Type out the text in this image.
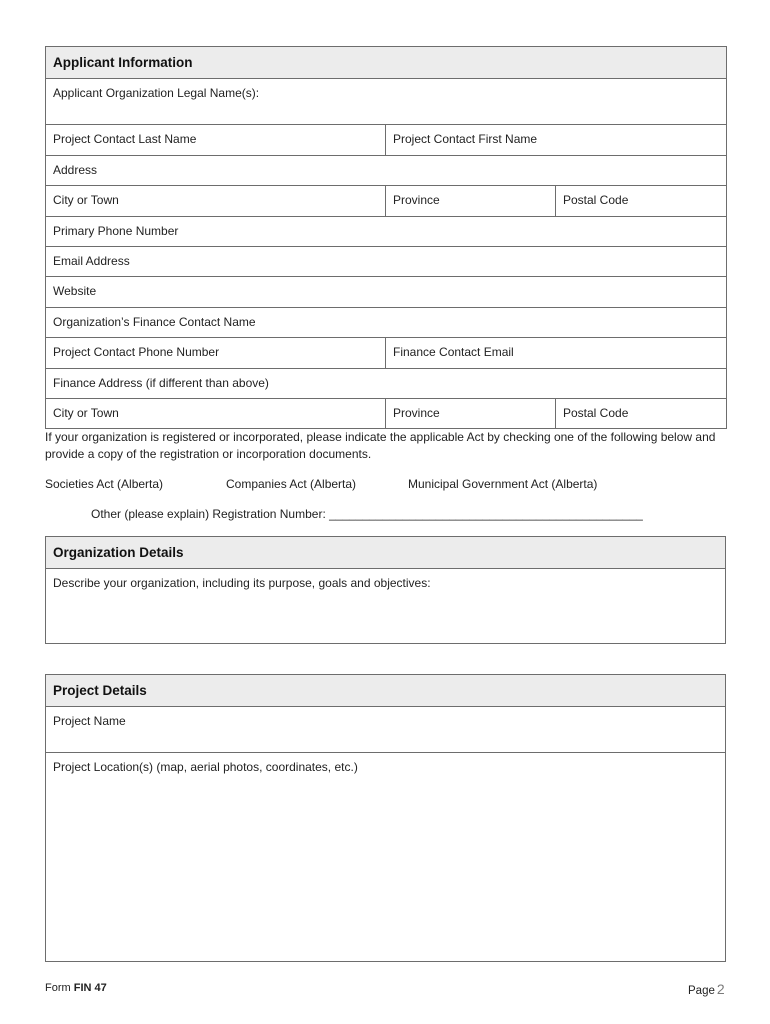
Applicant Information		

Applicant Organization Legal Name(s):		

Project Contact Last Name	Project Contact First Name	

Address		

City or Town	Province	Postal Code

Primary Phone Number		

Email Address		

Website		

Organization’s Finance Contact Name		

Project Contact Phone Number	Finance Contact Email	

Finance Address (if different than above)		

City or Town	Province	Postal Code
If your organization is registered or incorporated, please indicate the applicable Act by checking one of the following below and provide a copy of the registration or incorporation documents.
Societies Act (Alberta)	Companies Act (Alberta)	Municipal Government Act (Alberta)
Other (please explain) Registration Number: _______________________________________________
Organization Details

Describe your organization, including its purpose, goals and objectives:
Project Details

Project Name

Project Location(s) (map, aerial photos, coordinates, etc.)
Form FIN 47	Page 2
